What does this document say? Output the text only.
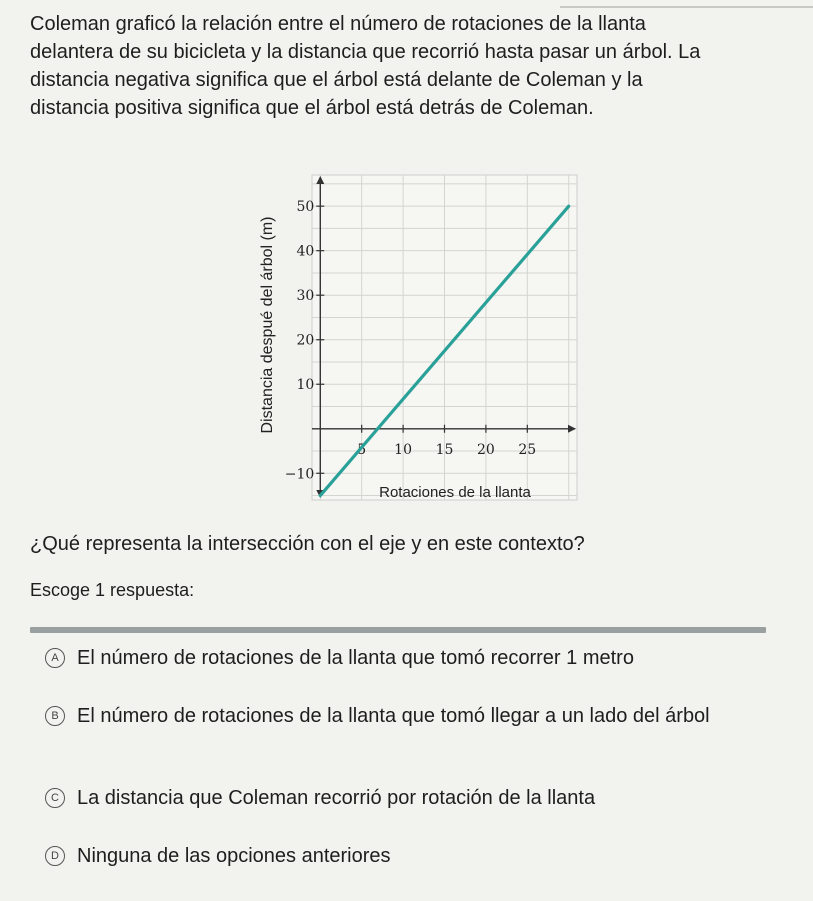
Coleman graficó la relación entre el número de rotaciones de la llanta
delantera de su bicicleta y la distancia que recorrió hasta pasar un árbol. La
distancia negativa significa que el árbol está delante de Coleman y la
distancia positiva significa que el árbol está detrás de Coleman.
5 10 15 20 25
−10
10
20
30
40
50
Rotaciones de la llanta
Distancia despué del árbol (m)
¿Qué representa la intersección con el eje y en este contexto?
Escoge 1 respuesta:
A El número de rotaciones de la llanta que tomó recorrer 1 metro
B El número de rotaciones de la llanta que tomó llegar a un lado del árbol
C La distancia que Coleman recorrió por rotación de la llanta
D Ninguna de las opciones anteriores
